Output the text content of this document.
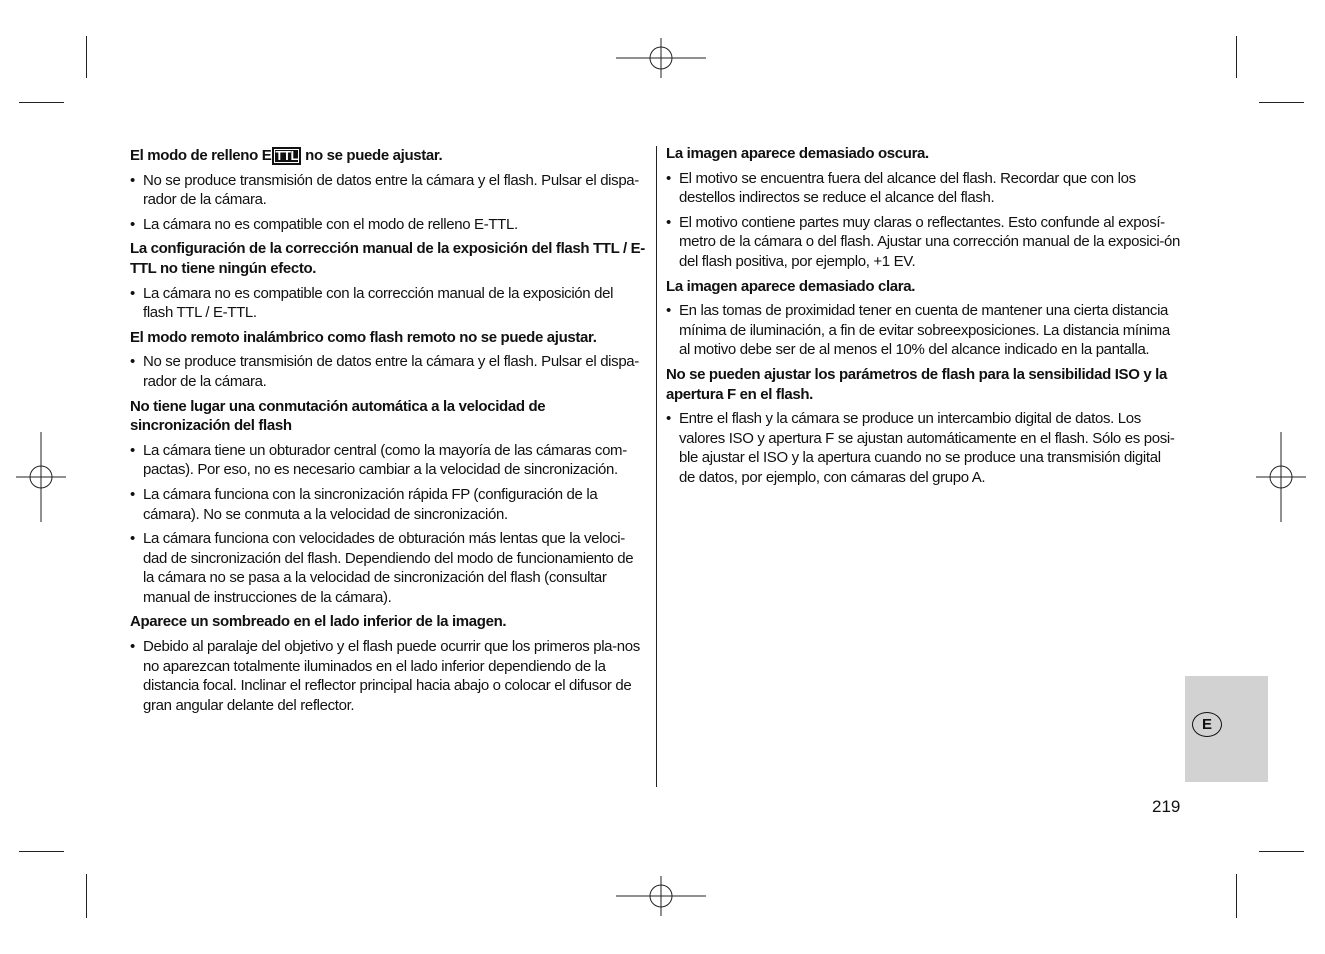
El modo de relleno E TTL no se puede ajustar.

• No se produce transmisión de datos entre la cámara y el flash. Pulsar el dispa-rador de la cámara.
• La cámara no es compatible con el modo de relleno E-TTL.

La configuración de la corrección manual de la exposición del flash TTL / E-TTL no tiene ningún efecto.

• La cámara no es compatible con la corrección manual de la exposición del flash TTL / E-TTL.

El modo remoto inalámbrico como flash remoto no se puede ajustar.

• No se produce transmisión de datos entre la cámara y el flash. Pulsar el dispa-rador de la cámara.

No tiene lugar una conmutación automática a la velocidad de sincronización del flash

• La cámara tiene un obturador central (como la mayoría de las cámaras com-pactas). Por eso, no es necesario cambiar a la velocidad de sincronización.
• La cámara funciona con la sincronización rápida FP (configuración de la cámara). No se conmuta a la velocidad de sincronización.
• La cámara funciona con velocidades de obturación más lentas que la veloci-dad de sincronización del flash. Dependiendo del modo de funcionamiento de la cámara no se pasa a la velocidad de sincronización del flash (consultar manual de instrucciones de la cámara).

Aparece un sombreado en el lado inferior de la imagen.

• Debido al paralaje del objetivo y el flash puede ocurrir que los primeros pla-nos no aparezcan totalmente iluminados en el lado inferior dependiendo de la distancia focal. Inclinar el reflector principal hacia abajo o colocar el difusor de gran angular delante del reflector.

La imagen aparece demasiado oscura.

• El motivo se encuentra fuera del alcance del flash. Recordar que con los destellos indirectos se reduce el alcance del flash.
• El motivo contiene partes muy claras o reflectantes. Esto confunde al exposí-metro de la cámara o del flash. Ajustar una corrección manual de la exposici-ón del flash positiva, por ejemplo, +1 EV.

La imagen aparece demasiado clara.

• En las tomas de proximidad tener en cuenta de mantener una cierta distancia mínima de iluminación, a fin de evitar sobreexposiciones. La distancia mínima al motivo debe ser de al menos el 10% del alcance indicado en la pantalla.

No se pueden ajustar los parámetros de flash para la sensibilidad ISO y la apertura F en el flash.

• Entre el flash y la cámara se produce un intercambio digital de datos. Los valores ISO y apertura F se ajustan automáticamente en el flash. Sólo es posi-ble ajustar el ISO y la apertura cuando no se produce una transmisión digital de datos, por ejemplo, con cámaras del grupo A.
E
219
